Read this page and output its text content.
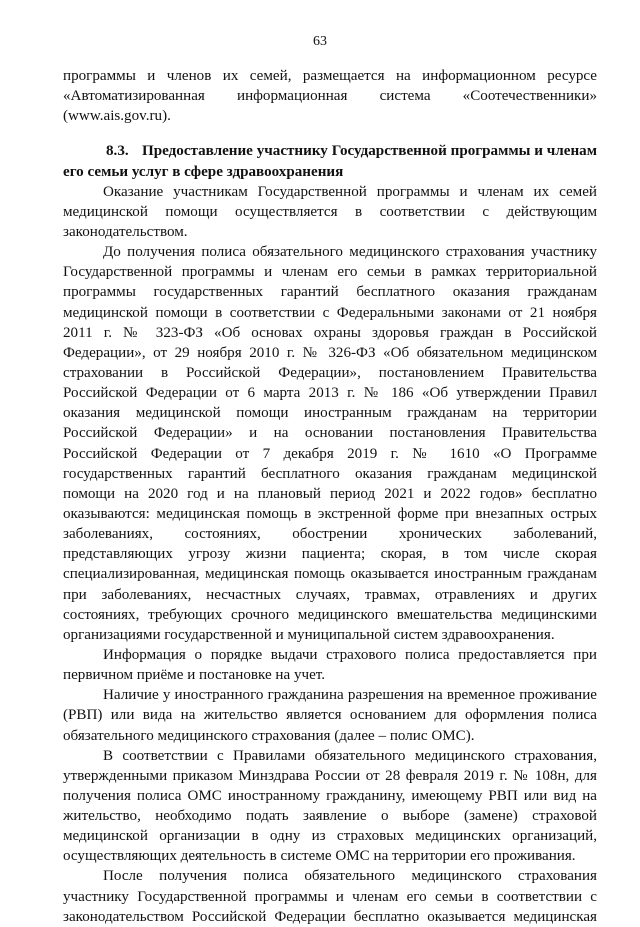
63
программы и членов их семей, размещается на информационном ресурсе
«Автоматизированная информационная система «Соотечественники»
(www.ais.gov.ru).
8.3. Предоставление участнику Государственной программы и членам
его семьи услуг в сфере здравоохранения
Оказание участникам Государственной программы и членам их семей
медицинской помощи осуществляется в соответствии с действующим
законодательством.
До получения полиса обязательного медицинского страхования участнику
Государственной программы и членам его семьи в рамках территориальной
программы государственных гарантий бесплатного оказания гражданам
медицинской помощи в соответствии с Федеральными законами от 21 ноября
2011 г. № 323-ФЗ «Об основах охраны здоровья граждан в Российской
Федерации», от 29 ноября 2010 г. № 326-ФЗ «Об обязательном медицинском
страховании в Российской Федерации», постановлением Правительства
Российской Федерации от 6 марта 2013 г. № 186 «Об утверждении Правил
оказания медицинской помощи иностранным гражданам на территории
Российской Федерации» и на основании постановления Правительства
Российской Федерации от 7 декабря 2019 г. № 1610 «О Программе
государственных гарантий бесплатного оказания гражданам медицинской
помощи на 2020 год и на плановый период 2021 и 2022 годов» бесплатно
оказываются: медицинская помощь в экстренной форме при внезапных острых
заболеваниях, состояниях, обострении хронических заболеваний,
представляющих угрозу жизни пациента; скорая, в том числе скорая
специализированная, медицинская помощь оказывается иностранным гражданам
при заболеваниях, несчастных случаях, травмах, отравлениях и других
состояниях, требующих срочного медицинского вмешательства медицинскими
организациями государственной и муниципальной систем здравоохранения.
Информация о порядке выдачи страхового полиса предоставляется при
первичном приёме и постановке на учет.
Наличие у иностранного гражданина разрешения на временное проживание
(РВП) или вида на жительство является основанием для оформления полиса
обязательного медицинского страхования (далее – полис ОМС).
В соответствии с Правилами обязательного медицинского страхования,
утвержденными приказом Минздрава России от 28 февраля 2019 г. № 108н, для
получения полиса ОМС иностранному гражданину, имеющему РВП или вид на
жительство, необходимо подать заявление о выборе (замене) страховой
медицинской организации в одну из страховых медицинских организаций,
осуществляющих деятельность в системе ОМС на территории его проживания.
После получения полиса обязательного медицинского страхования
участнику Государственной программы и членам его семьи в соответствии с
законодательством Российской Федерации бесплатно оказывается медицинская
